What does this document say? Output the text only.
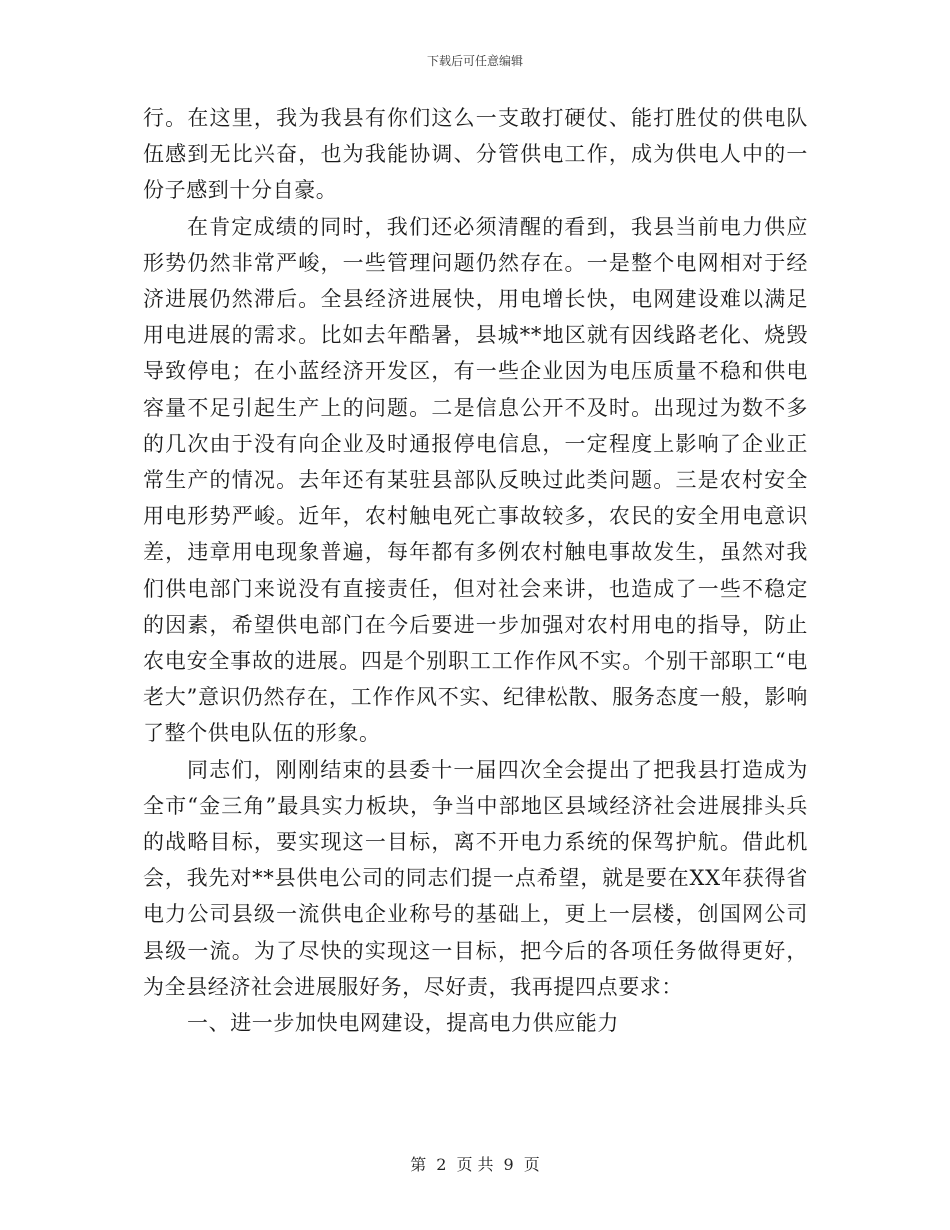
下载后可任意编辑

行。在这里，我为我县有你们这么一支敢打硬仗、能打胜仗的供电队伍感到无比兴奋，也为我能协调、分管供电工作，成为供电人中的一份子感到十分自豪。

在肯定成绩的同时，我们还必须清醒的看到，我县当前电力供应形势仍然非常严峻，一些管理问题仍然存在。一是整个电网相对于经济进展仍然滞后。全县经济进展快，用电增长快，电网建设难以满足用电进展的需求。比如去年酷暑，县城**地区就有因线路老化、烧毁导致停电；在小蓝经济开发区，有一些企业因为电压质量不稳和供电容量不足引起生产上的问题。二是信息公开不及时。出现过为数不多的几次由于没有向企业及时通报停电信息，一定程度上影响了企业正常生产的情况。去年还有某驻县部队反映过此类问题。三是农村安全用电形势严峻。近年，农村触电死亡事故较多，农民的安全用电意识差，违章用电现象普遍，每年都有多例农村触电事故发生，虽然对我们供电部门来说没有直接责任，但对社会来讲，也造成了一些不稳定的因素，希望供电部门在今后要进一步加强对农村用电的指导，防止农电安全事故的进展。四是个别职工工作作风不实。个别干部职工“电老大”意识仍然存在，工作作风不实、纪律松散、服务态度一般，影响了整个供电队伍的形象。

同志们，刚刚结束的县委十一届四次全会提出了把我县打造成为全市“金三角”最具实力板块，争当中部地区县域经济社会进展排头兵的战略目标，要实现这一目标，离不开电力系统的保驾护航。借此机会，我先对**县供电公司的同志们提一点希望，就是要在XX年获得省电力公司县级一流供电企业称号的基础上，更上一层楼，创国网公司县级一流。为了尽快的实现这一目标，把今后的各项任务做得更好，为全县经济社会进展服好务，尽好责，我再提四点要求：

一、进一步加快电网建设，提高电力供应能力

第 2 页 共 9 页
